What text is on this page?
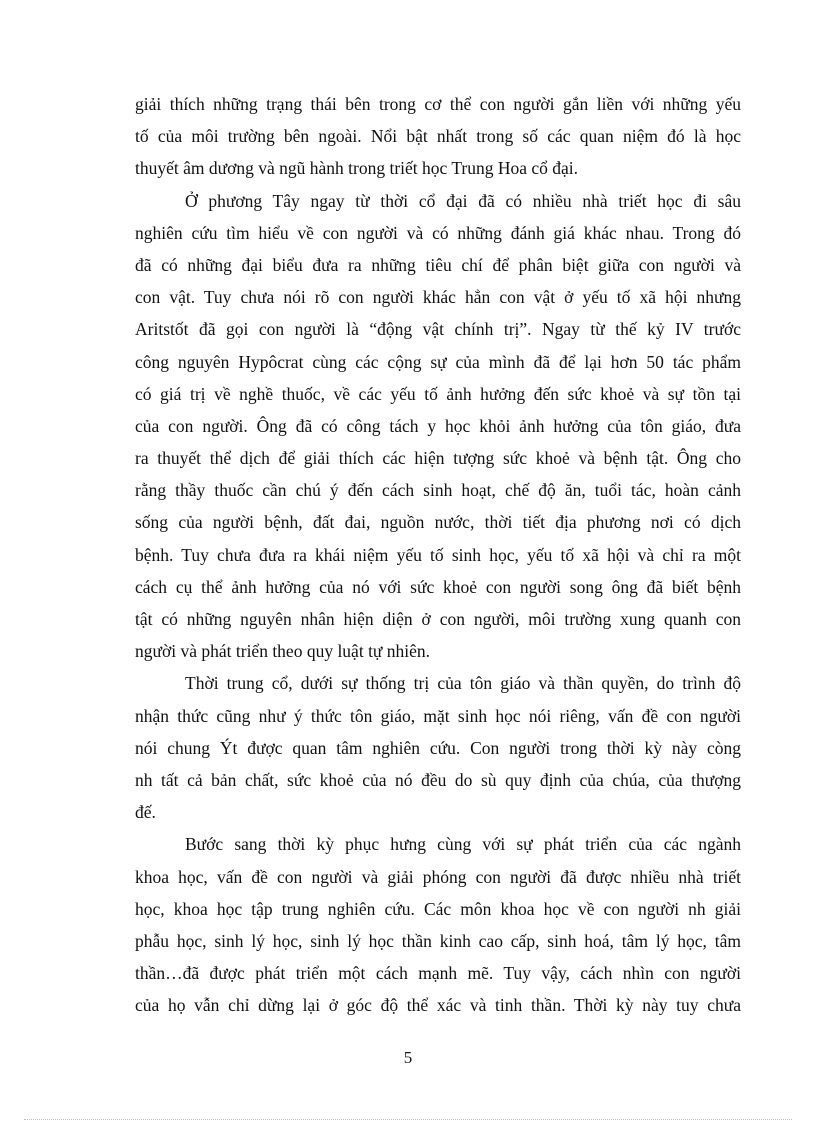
giải thích những trạng thái bên trong cơ thể con người gắn liền với những yếu
tố của môi trường bên ngoài. Nổi bật nhất trong số các quan niệm đó là học
thuyết âm dương và ngũ hành trong triết học Trung Hoa cổ đại.
Ở phương Tây ngay từ thời cổ đại đã có nhiều nhà triết học đi sâu
nghiên cứu tìm hiểu về con người và có những đánh giá khác nhau. Trong đó
đã có những đại biểu đưa ra những tiêu chí để phân biệt giữa con người và
con vật. Tuy chưa nói rõ con người khác hẳn con vật ở yếu tố xã hội nhưng
Aritstốt đã gọi con người là “động vật chính trị”. Ngay từ thế kỷ IV trước
công nguyên Hypôcrat cùng các cộng sự của mình đã để lại hơn 50 tác phẩm
có giá trị về nghề thuốc, về các yếu tố ảnh hưởng đến sức khoẻ và sự tồn tại
của con người. Ông đã có công tách y học khỏi ảnh hưởng của tôn giáo, đưa
ra thuyết thể dịch để giải thích các hiện tượng sức khoẻ và bệnh tật. Ông cho
rằng thầy thuốc cần chú ý đến cách sinh hoạt, chế độ ăn, tuổi tác, hoàn cảnh
sống của người bệnh, đất đai, nguồn nước, thời tiết địa phương nơi có dịch
bệnh. Tuy chưa đưa ra khái niệm yếu tố sinh học, yếu tố xã hội và chỉ ra một
cách cụ thể ảnh hưởng của nó với sức khoẻ con người song ông đã biết bệnh
tật có những nguyên nhân hiện diện ở con người, môi trường xung quanh con
người và phát triển theo quy luật tự nhiên.
Thời trung cổ, dưới sự thống trị của tôn giáo và thần quyền, do trình độ
nhận thức cũng như ý thức tôn giáo, mặt sinh học nói riêng, vấn đề con người
nói chung Ýt được quan tâm nghiên cứu. Con người trong thời kỳ này còng
nh tất cả bản chất, sức khoẻ của nó đều do sù quy định của chúa, của thượng
đế.
Bước sang thời kỳ phục hưng cùng với sự phát triển của các ngành
khoa học, vấn đề con người và giải phóng con người đã được nhiều nhà triết
học, khoa học tập trung nghiên cứu. Các môn khoa học về con người nh giải
phẫu học, sinh lý học, sinh lý học thần kinh cao cấp, sinh hoá, tâm lý học, tâm
thần…đã được phát triển một cách mạnh mẽ. Tuy vậy, cách nhìn con người
của họ vẫn chỉ dừng lại ở góc độ thể xác và tinh thần. Thời kỳ này tuy chưa
5
